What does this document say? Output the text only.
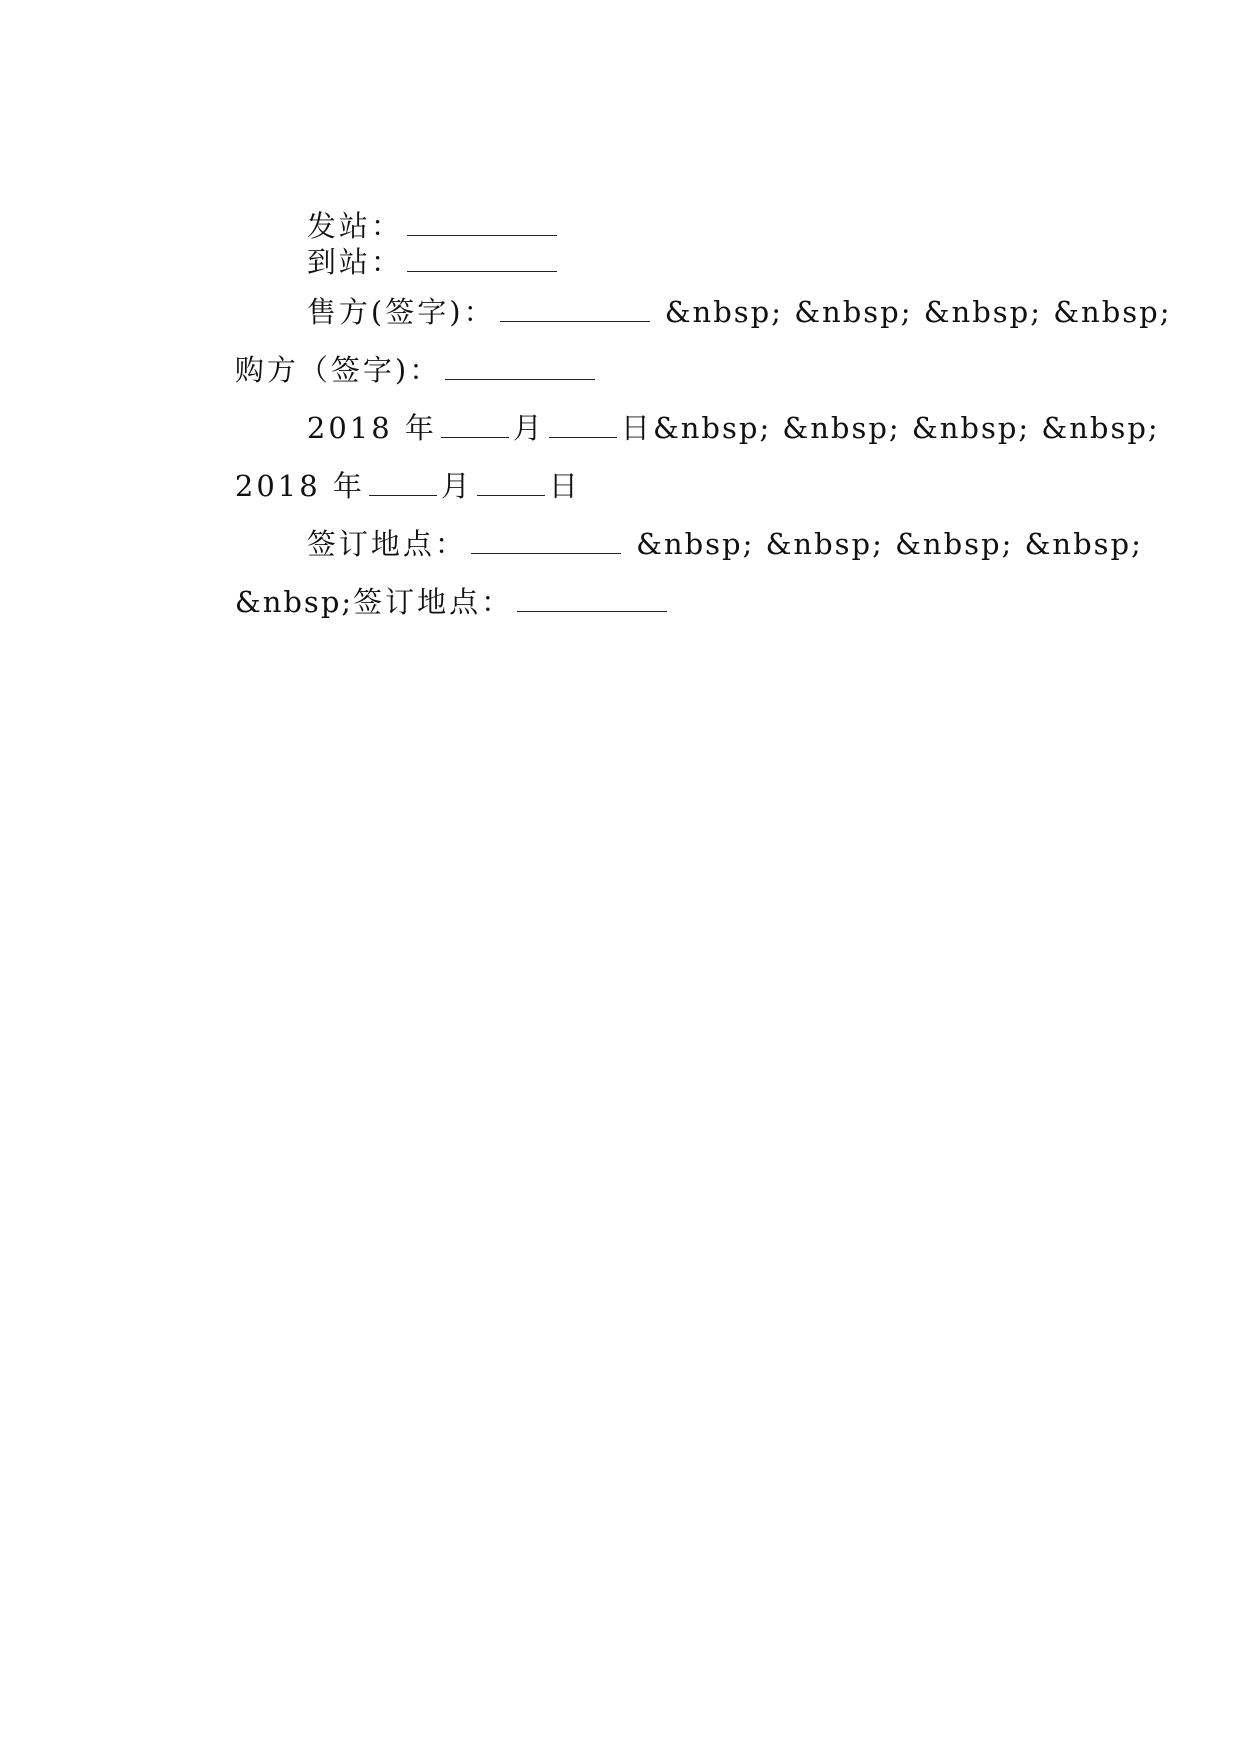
发站：

到站：

售方(签字)：	&nbsp; &nbsp; &nbsp; &nbsp;

购方（签字)：

2018 年	月	日&nbsp; &nbsp; &nbsp; &nbsp;

2018 年	月	日

签订地点：	&nbsp; &nbsp; &nbsp; &nbsp;

&nbsp;签订地点：
